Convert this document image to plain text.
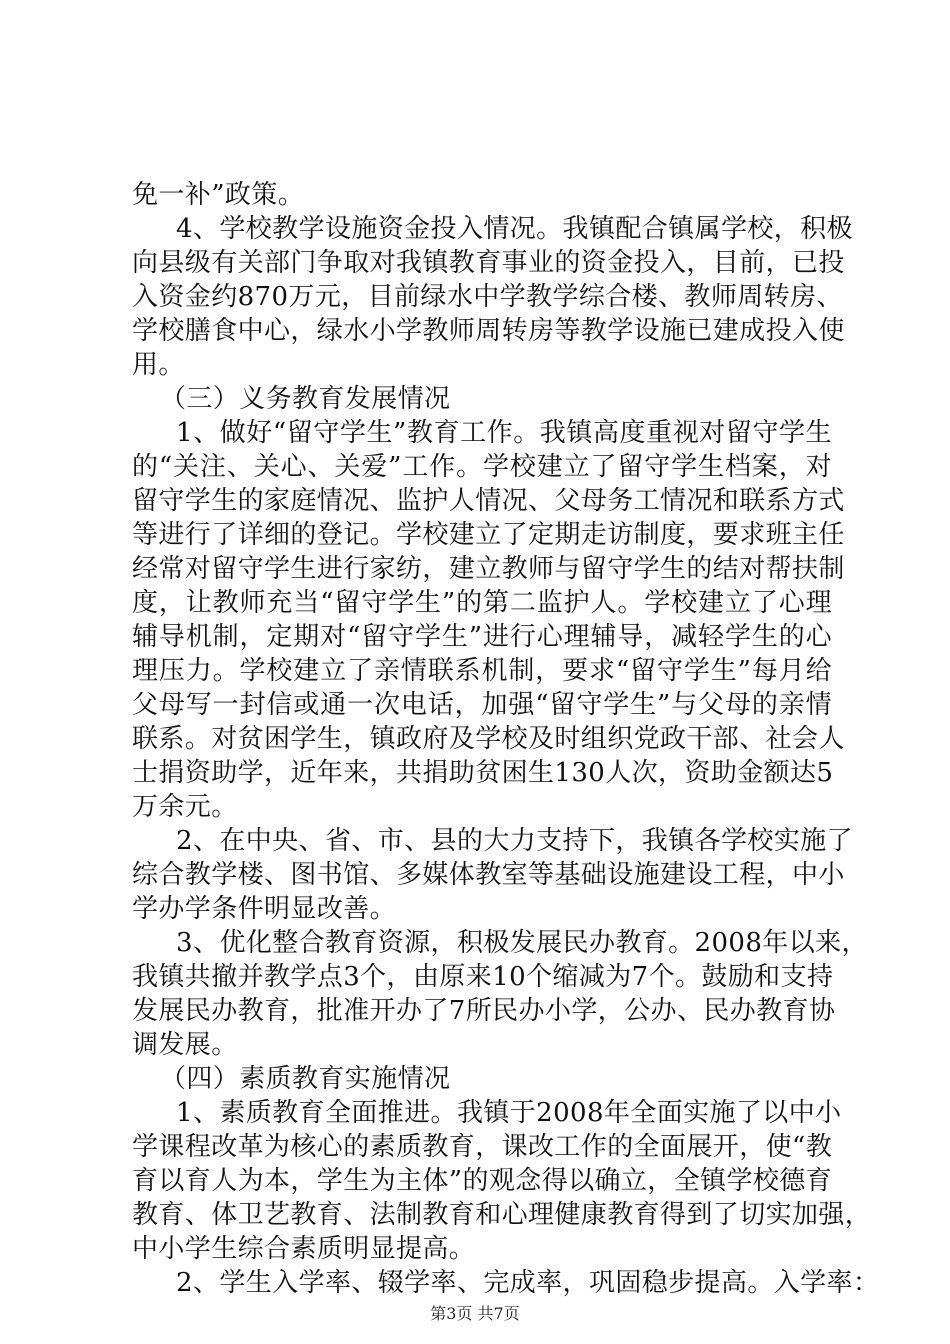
免一补”政策。
4、学校教学设施资金投入情况。我镇配合镇属学校，积极
向县级有关部门争取对我镇教育事业的资金投入，目前，已投
入资金约870万元，目前绿水中学教学综合楼、教师周转房、
学校膳食中心，绿水小学教师周转房等教学设施已建成投入使
用。
（三）义务教育发展情况
1、做好“留守学生”教育工作。我镇高度重视对留守学生
的“关注、关心、关爱”工作。学校建立了留守学生档案，对
留守学生的家庭情况、监护人情况、父母务工情况和联系方式
等进行了详细的登记。学校建立了定期走访制度，要求班主任
经常对留守学生进行家纺，建立教师与留守学生的结对帮扶制
度，让教师充当“留守学生”的第二监护人。学校建立了心理
辅导机制，定期对“留守学生”进行心理辅导，减轻学生的心
理压力。学校建立了亲情联系机制，要求“留守学生”每月给
父母写一封信或通一次电话，加强“留守学生”与父母的亲情
联系。对贫困学生，镇政府及学校及时组织党政干部、社会人
士捐资助学，近年来，共捐助贫困生130人次，资助金额达5
万余元。
2、在中央、省、市、县的大力支持下，我镇各学校实施了
综合教学楼、图书馆、多媒体教室等基础设施建设工程，中小
学办学条件明显改善。
3、优化整合教育资源，积极发展民办教育。2008年以来，
我镇共撤并教学点3个，由原来10个缩减为7个。鼓励和支持
发展民办教育，批准开办了7所民办小学，公办、民办教育协
调发展。
（四）素质教育实施情况
1、素质教育全面推进。我镇于2008年全面实施了以中小
学课程改革为核心的素质教育，课改工作的全面展开，使“教
育以育人为本，学生为主体”的观念得以确立，全镇学校德育
教育、体卫艺教育、法制教育和心理健康教育得到了切实加强，
中小学生综合素质明显提高。
2、学生入学率、辍学率、完成率，巩固稳步提高。入学率：
第3页 共7页
